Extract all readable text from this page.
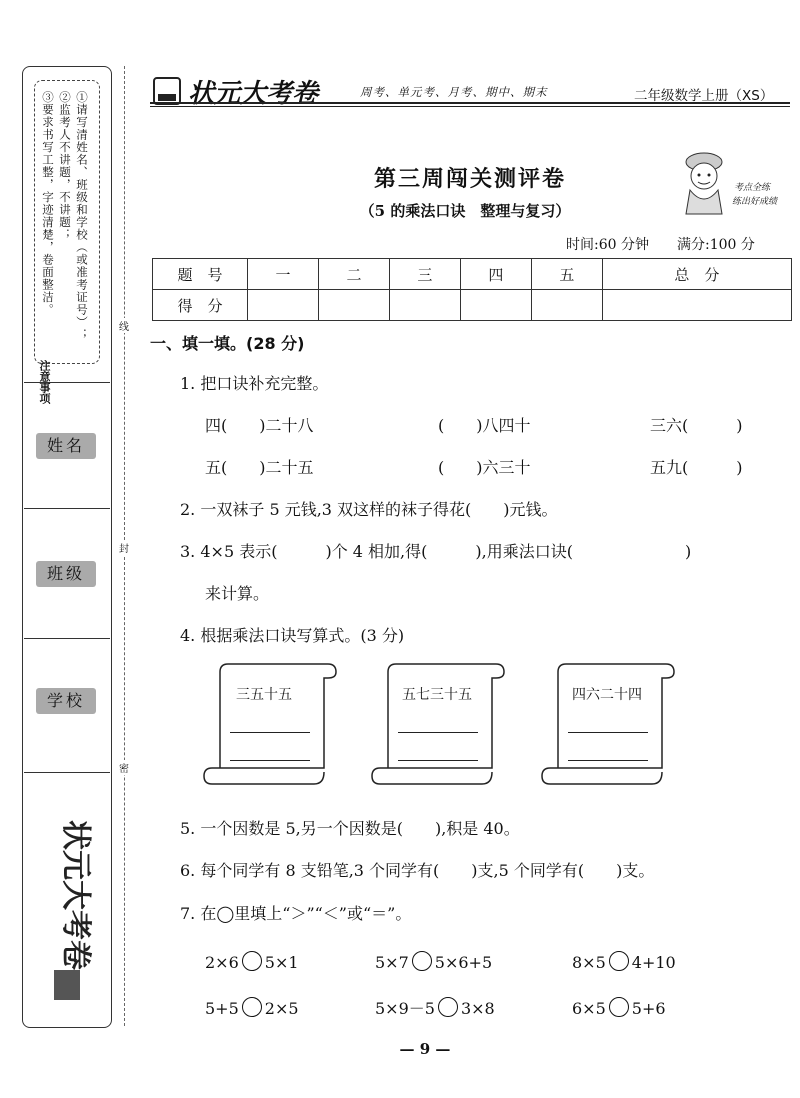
①请写清姓名、班级和学校（或准考证号）；
②监考人不讲题，不讲题；
③要求书写工整，字迹清楚，卷面整洁。
注意事项
姓名
班级
学校
状元大考卷
线
封
密
状元大考卷	周考、单元考、月考、期中、期末	二年级数学上册（XS）
第三周闯关测评卷
（5 的乘法口诀　整理与复习）
考点全练
练出好成绩
时间:60 分钟 满分:100 分
题　号	一	二	三	四	五	总　分
得　分						
一、填一填。(28 分)
1. 把口诀补充完整。
四(　　)二十八	(　　)八四十	三六(　　　)
五(　　)二十五	(　　)六三十	五九(　　　)
2. 一双袜子 5 元钱,3 双这样的袜子得花(　　)元钱。
3. 4×5 表示(　　　)个 4 相加,得(　　　),用乘法口诀(　　　　　　　)
来计算。
4. 根据乘法口诀写算式。(3 分)
三五十五	五七三十五	四六二十四
5. 一个因数是 5,另一个因数是(　　),积是 40。
6. 每个同学有 8 支铅笔,3 个同学有(　　)支,5 个同学有(　　)支。
7. 在◯里填上“＞”“＜”或“＝”。
2×6 5×1	5×7 5×6+5	8×5 4+10
5+5 2×5	5×9－5 3×8	6×5 5+6
— 9 —
